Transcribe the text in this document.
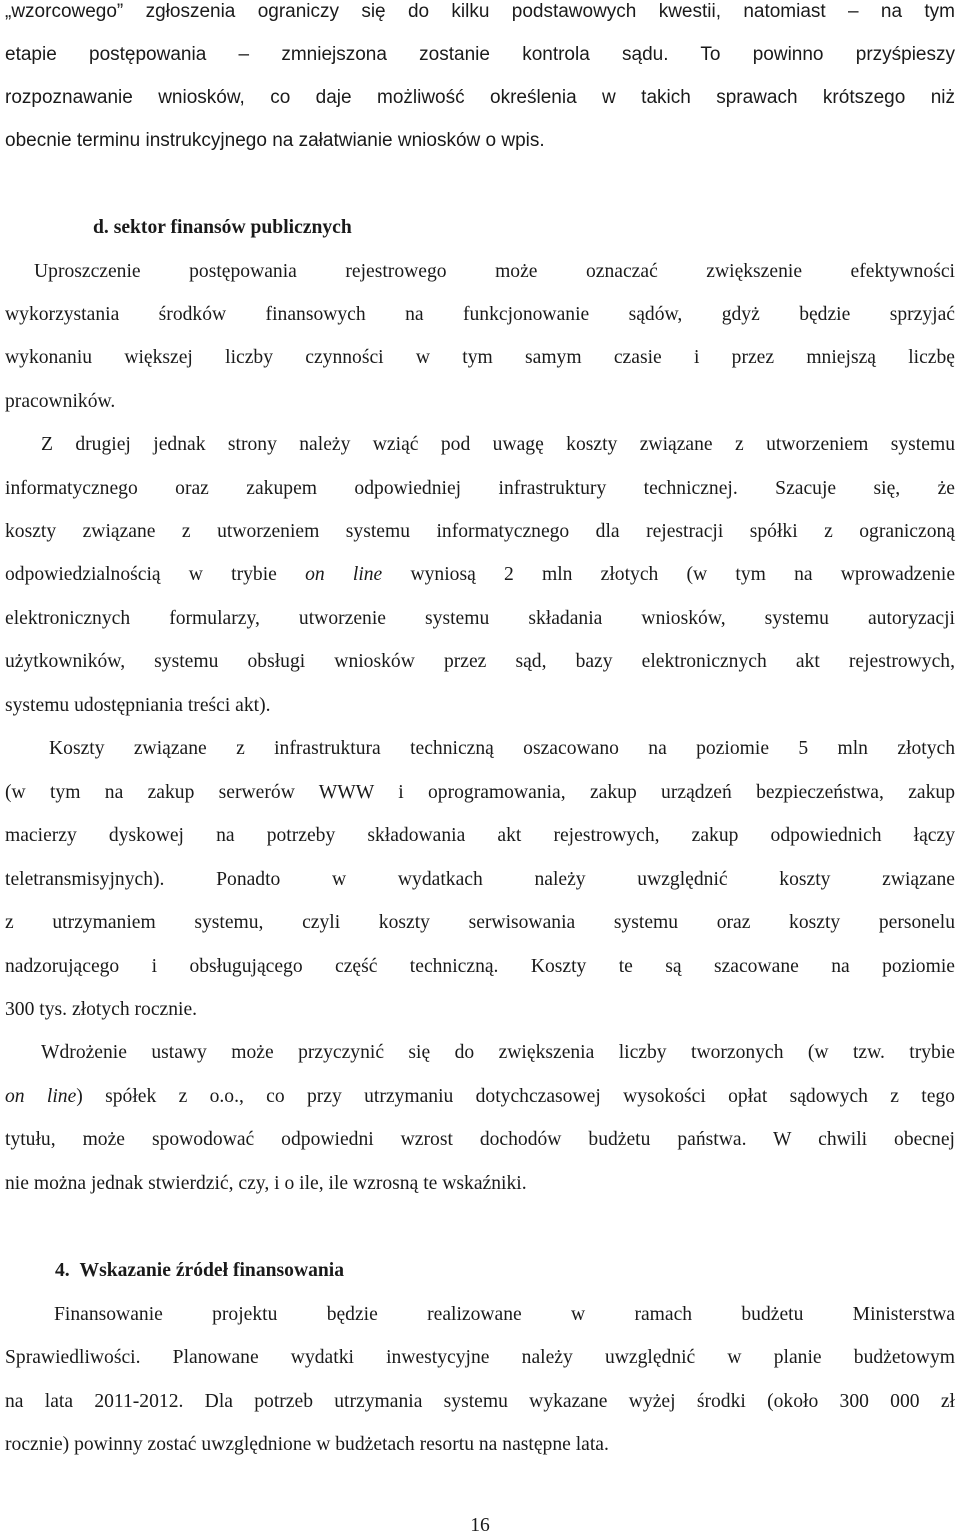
„wzorcowego” zgłoszenia ograniczy się do kilku podstawowych kwestii, natomiast – na tym
etapie postępowania – zmniejszona zostanie kontrola sądu. To powinno przyśpieszy
rozpoznawanie wniosków, co daje możliwość określenia w takich sprawach krótszego niż
obecnie terminu instrukcyjnego na załatwianie wniosków o wpis.
d. sektor finansów publicznych
Uproszczenie postępowania rejestrowego może oznaczać zwiększenie efektywności
wykorzystania środków finansowych na funkcjonowanie sądów, gdyż będzie sprzyjać
wykonaniu większej liczby czynności w tym samym czasie i przez mniejszą liczbę
pracowników.
Z drugiej jednak strony należy wziąć pod uwagę koszty związane z utworzeniem systemu
informatycznego oraz zakupem odpowiedniej infrastruktury technicznej. Szacuje się, że
koszty związane z utworzeniem systemu informatycznego dla rejestracji spółki z ograniczoną
odpowiedzialnością w trybie on line wyniosą 2 mln złotych (w tym na wprowadzenie
elektronicznych formularzy, utworzenie systemu składania wniosków, systemu autoryzacji
użytkowników, systemu obsługi wniosków przez sąd, bazy elektronicznych akt rejestrowych,
systemu udostępniania treści akt).
Koszty związane z infrastruktura techniczną oszacowano na poziomie 5 mln złotych
(w tym na zakup serwerów WWW i oprogramowania, zakup urządzeń bezpieczeństwa, zakup
macierzy dyskowej na potrzeby składowania akt rejestrowych, zakup odpowiednich łączy
teletransmisyjnych). Ponadto w wydatkach należy uwzględnić koszty związane
z utrzymaniem systemu, czyli koszty serwisowania systemu oraz koszty personelu
nadzorującego i obsługującego część techniczną. Koszty te są szacowane na poziomie
300 tys. złotych rocznie.
Wdrożenie ustawy może przyczynić się do zwiększenia liczby tworzonych (w tzw. trybie
on line) spółek z o.o., co przy utrzymaniu dotychczasowej wysokości opłat sądowych z tego
tytułu, może spowodować odpowiedni wzrost dochodów budżetu państwa. W chwili obecnej
nie można jednak stwierdzić, czy, i o ile, ile wzrosną te wskaźniki.
4. Wskazanie źródeł finansowania
Finansowanie projektu będzie realizowane w ramach budżetu Ministerstwa
Sprawiedliwości. Planowane wydatki inwestycyjne należy uwzględnić w planie budżetowym
na lata 2011-2012. Dla potrzeb utrzymania systemu wykazane wyżej środki (około 300 000 zł
rocznie) powinny zostać uwzględnione w budżetach resortu na następne lata.
16
